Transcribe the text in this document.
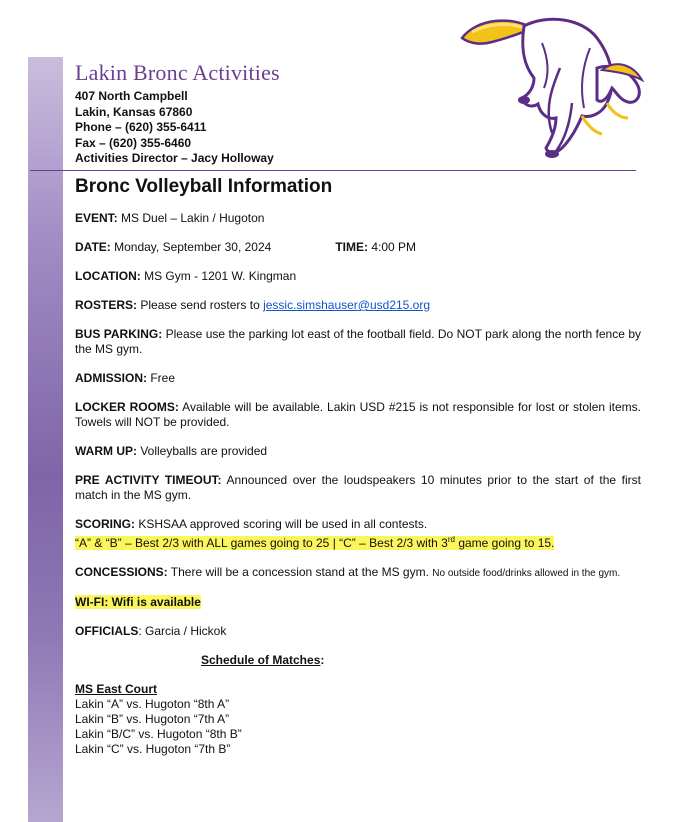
Lakin Bronc Activities
407 North Campbell
Lakin, Kansas 67860
Phone – (620) 355-6411
Fax – (620) 355-6460
Activities Director – Jacy Holloway
Bronc Volleyball Information

EVENT: MS Duel – Lakin / Hugoton

DATE: Monday, September 30, 2024	TIME: 4:00 PM

LOCATION: MS Gym - 1201 W. Kingman

ROSTERS: Please send rosters to jessic.simshauser@usd215.org

BUS PARKING: Please use the parking lot east of the football field. Do NOT park along the north fence by the MS gym.

ADMISSION: Free

LOCKER ROOMS: Available will be available. Lakin USD #215 is not responsible for lost or stolen items. Towels will NOT be provided.

WARM UP: Volleyballs are provided

PRE ACTIVITY TIMEOUT: Announced over the loudspeakers 10 minutes prior to the start of the first match in the MS gym.

SCORING: KSHSAA approved scoring will be used in all contests.
“A” & “B” – Best 2/3 with ALL games going to 25 | “C” – Best 2/3 with 3rd game going to 15.

CONCESSIONS: There will be a concession stand at the MS gym. No outside food/drinks allowed in the gym.

WI-FI: Wifi is available

OFFICIALS: Garcia / Hickok

Schedule of Matches:

MS East Court
Lakin “A” vs. Hugoton “8th A”
Lakin “B” vs. Hugoton “7th A”
Lakin “B/C” vs. Hugoton “8th B”
Lakin “C” vs. Hugoton “7th B”
